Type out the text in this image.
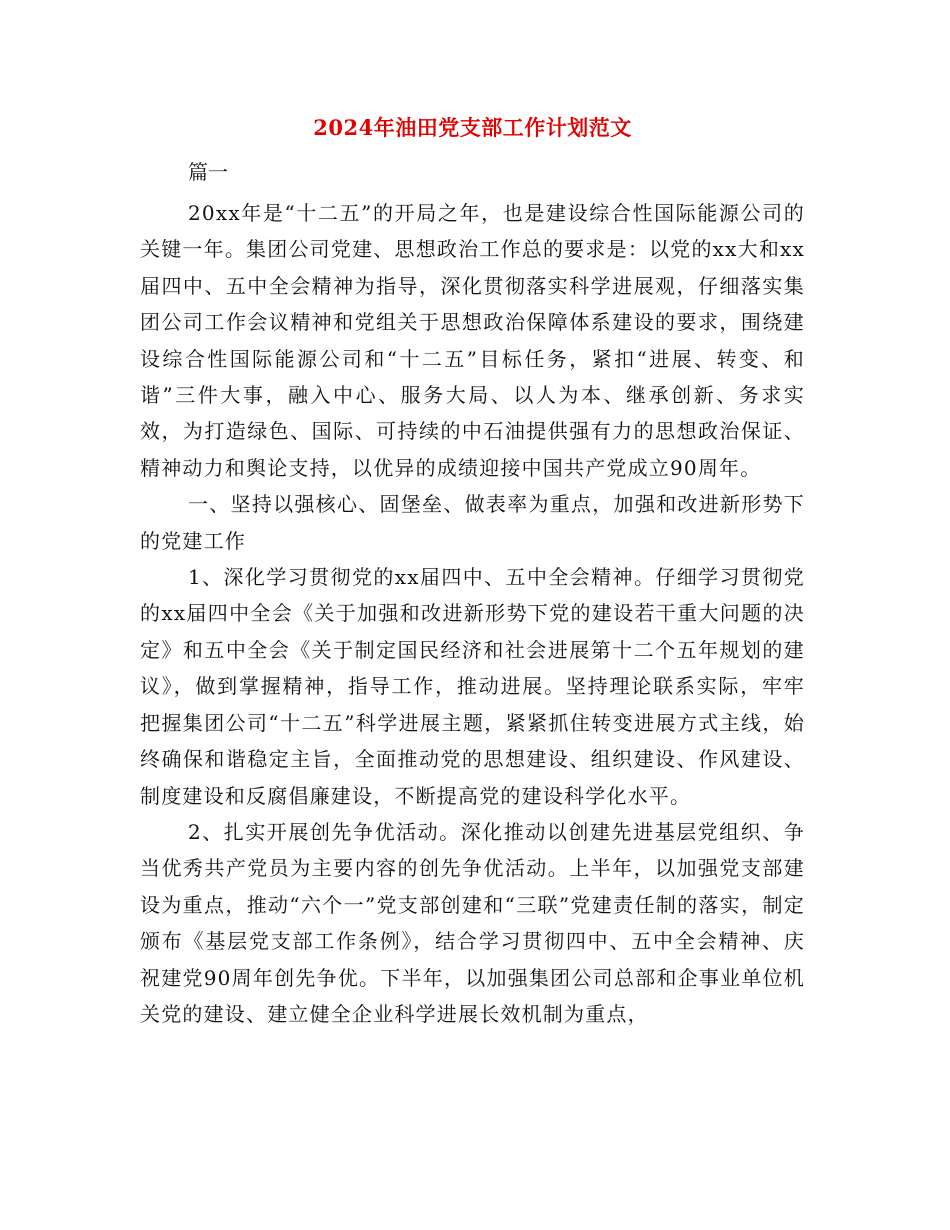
2024年油田党支部工作计划范文

篇一

20xx年是“十二五”的开局之年，也是建设综合性国际能源公司的关键一年。集团公司党建、思想政治工作总的要求是：以党的xx大和xx届四中、五中全会精神为指导，深化贯彻落实科学进展观，仔细落实集团公司工作会议精神和党组关于思想政治保障体系建设的要求，围绕建设综合性国际能源公司和“十二五”目标任务，紧扣“进展、转变、和谐”三件大事，融入中心、服务大局、以人为本、继承创新、务求实效，为打造绿色、国际、可持续的中石油提供强有力的思想政治保证、精神动力和舆论支持，以优异的成绩迎接中国共产党成立90周年。

一、坚持以强核心、固堡垒、做表率为重点，加强和改进新形势下的党建工作

1、深化学习贯彻党的xx届四中、五中全会精神。仔细学习贯彻党的xx届四中全会《关于加强和改进新形势下党的建设若干重大问题的决定》和五中全会《关于制定国民经济和社会进展第十二个五年规划的建议》，做到掌握精神，指导工作，推动进展。坚持理论联系实际，牢牢把握集团公司“十二五”科学进展主题，紧紧抓住转变进展方式主线，始终确保和谐稳定主旨，全面推动党的思想建设、组织建设、作风建设、制度建设和反腐倡廉建设，不断提高党的建设科学化水平。

2、扎实开展创先争优活动。深化推动以创建先进基层党组织、争当优秀共产党员为主要内容的创先争优活动。上半年，以加强党支部建设为重点，推动“六个一”党支部创建和“三联”党建责任制的落实，制定颁布《基层党支部工作条例》，结合学习贯彻四中、五中全会精神、庆祝建党90周年创先争优。下半年，以加强集团公司总部和企事业单位机关党的建设、建立健全企业科学进展长效机制为重点，
